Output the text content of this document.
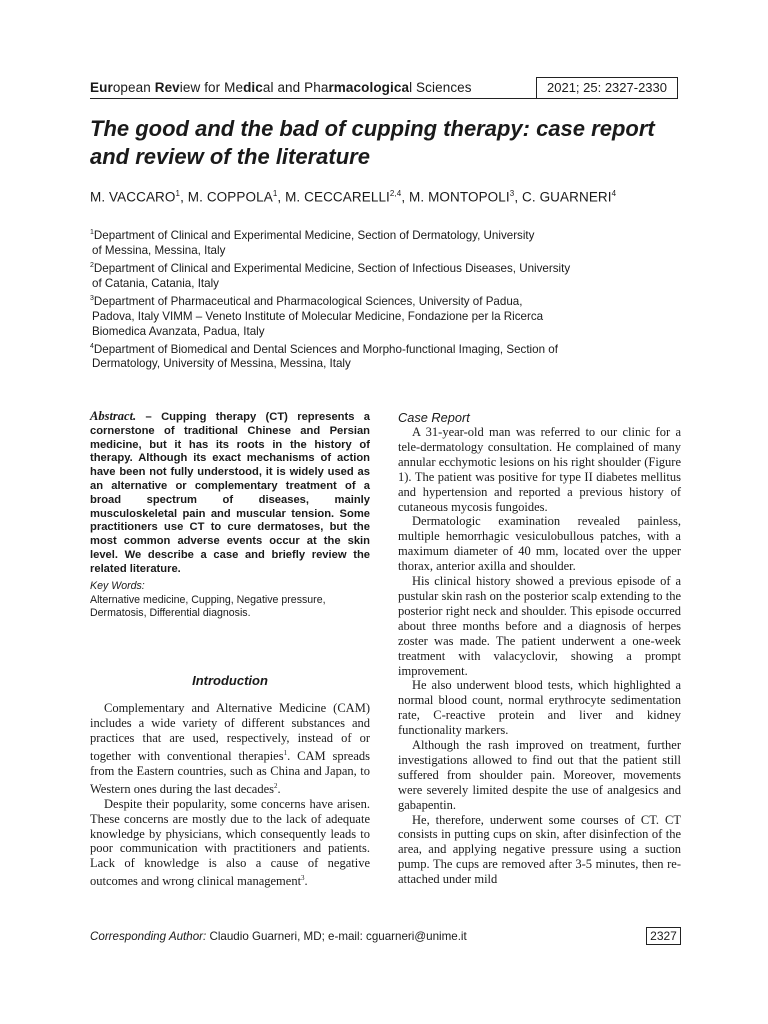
European Review for Medical and Pharmacological Sciences	2021; 25: 2327-2330
The good and the bad of cupping therapy: case report and review of the literature
M. VACCARO$^1$, M. COPPOLA$^1$, M. CECCARELLI$^{2,4}$, M. MONTOPOLI$^3$, C. GUARNERI$^4$
$^1$Department of Clinical and Experimental Medicine, Section of Dermatology, University
of Messina, Messina, Italy
$^2$Department of Clinical and Experimental Medicine, Section of Infectious Diseases, University
of Catania, Catania, Italy
$^3$Department of Pharmaceutical and Pharmacological Sciences, University of Padua,
Padova, Italy VIMM – Veneto Institute of Molecular Medicine, Fondazione per la Ricerca
Biomedica Avanzata, Padua, Italy
$^4$Department of Biomedical and Dental Sciences and Morpho-functional Imaging, Section of
Dermatology, University of Messina, Messina, Italy
Abstract. – Cupping therapy (CT) represents a cornerstone of traditional Chinese and Persian medicine, but it has its roots in the history of therapy. Although its exact mechanisms of action have been not fully understood, it is widely used as an alternative or complementary treatment of a broad spectrum of diseases, mainly musculoskeletal pain and muscular tension. Some practitioners use CT to cure dermatoses, but the most common adverse events occur at the skin level. We describe a case and briefly review the related literature.
Key Words:
Alternative medicine, Cupping, Negative pressure, Dermatosis, Differential diagnosis.
Introduction

Complementary and Alternative Medicine (CAM) includes a wide variety of different substances and practices that are used, respectively, instead of or together with conventional therapies$^1$. CAM spreads from the Eastern countries, such as China and Japan, to Western ones during the last decades$^2$.

Despite their popularity, some concerns have arisen. These concerns are mostly due to the lack of adequate knowledge by physicians, which consequently leads to poor communication with practitioners and patients. Lack of knowledge is also a cause of negative outcomes and wrong clinical management$^3$.

Case Report

A 31-year-old man was referred to our clinic for a tele-dermatology consultation. He complained of many annular ecchymotic lesions on his right shoulder (Figure 1). The patient was positive for type II diabetes mellitus and hypertension and reported a previous history of cutaneous mycosis fungoides.

Dermatologic examination revealed painless, multiple hemorrhagic vesiculobullous patches, with a maximum diameter of 40 mm, located over the upper thorax, anterior axilla and shoulder.

His clinical history showed a previous episode of a pustular skin rash on the posterior scalp extending to the posterior right neck and shoulder. This episode occurred about three months before and a diagnosis of herpes zoster was made. The patient underwent a one-week treatment with valacyclovir, showing a prompt improvement.

He also underwent blood tests, which highlighted a normal blood count, normal erythrocyte sedimentation rate, C-reactive protein and liver and kidney functionality markers.

Although the rash improved on treatment, further investigations allowed to find out that the patient still suffered from shoulder pain. Moreover, movements were severely limited despite the use of analgesics and gabapentin.

He, therefore, underwent some courses of CT. CT consists in putting cups on skin, after disinfection of the area, and applying negative pressure using a suction pump. The cups are removed after 3-5 minutes, then re-attached under mild

Corresponding Author: Claudio Guarneri, MD; e-mail: cguarneri@unime.it	2327
